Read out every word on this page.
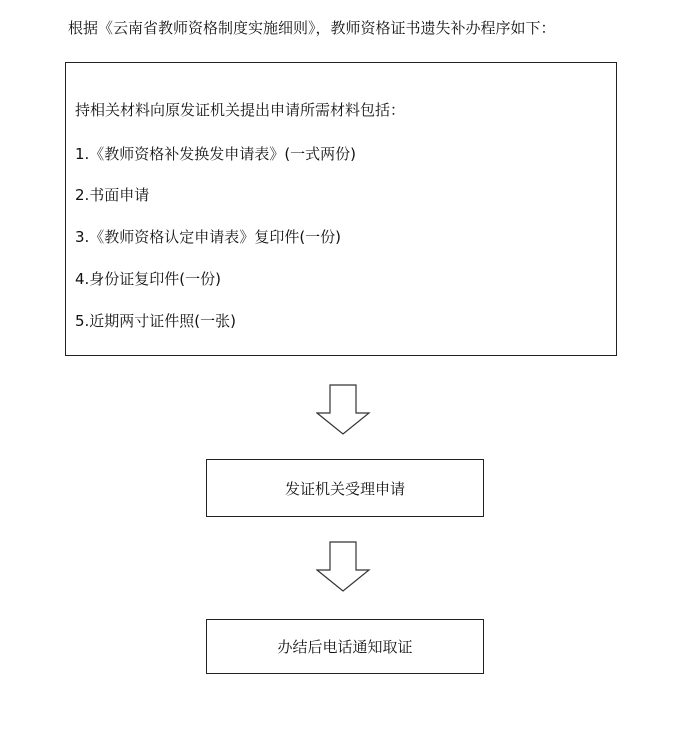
根据《云南省教师资格制度实施细则》，教师资格证书遗失补办程序如下：
持相关材料向原发证机关提出申请所需材料包括：
1.《教师资格补发换发申请表》(一式两份)
2.书面申请
3.《教师资格认定申请表》复印件(一份)
4.身份证复印件(一份)
5.近期两寸证件照(一张)
发证机关受理申请
办结后电话通知取证
